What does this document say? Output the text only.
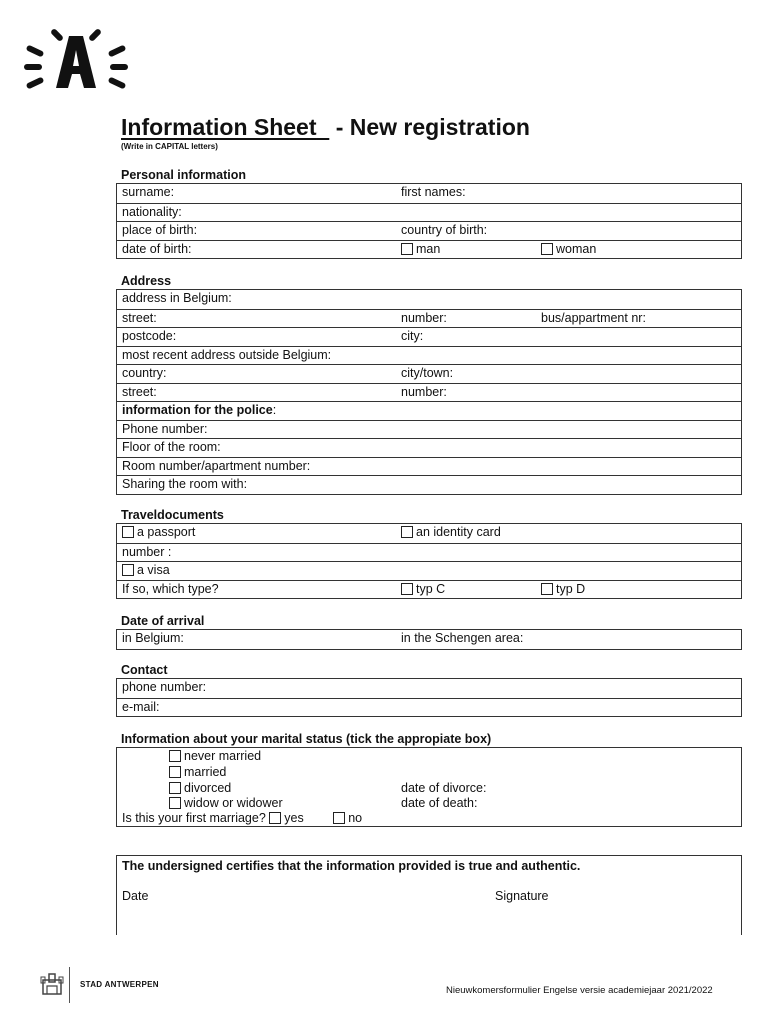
Information Sheet - New registration
(Write in CAPITAL letters)
Personal information
surname:	first names:
nationality:
place of birth:	country of birth:
date of birth:	man	woman
Address
address in Belgium:
street:	number:	bus/appartment nr:
postcode:	city:
most recent address outside Belgium:
country:	city/town:
street:	number:
information for the police:
Phone number:
Floor of the room:
Room number/apartment number:
Sharing the room with:
Traveldocuments
a passport	an identity card
number :
a visa
If so, which type?	typ C	typ D
Date of arrival
in Belgium:	in the Schengen area:
Contact
phone number:
e-mail:
Information about your marital status (tick the appropiate box)
never married
married
divorced	date of divorce:
widow or widower	date of death:
Is this your first marriage? yes	no
The undersigned certifies that the information provided is true and authentic.
Date	Signature
STAD ANTWERPEN
Nieuwkomersformulier Engelse versie academiejaar 2021/2022
